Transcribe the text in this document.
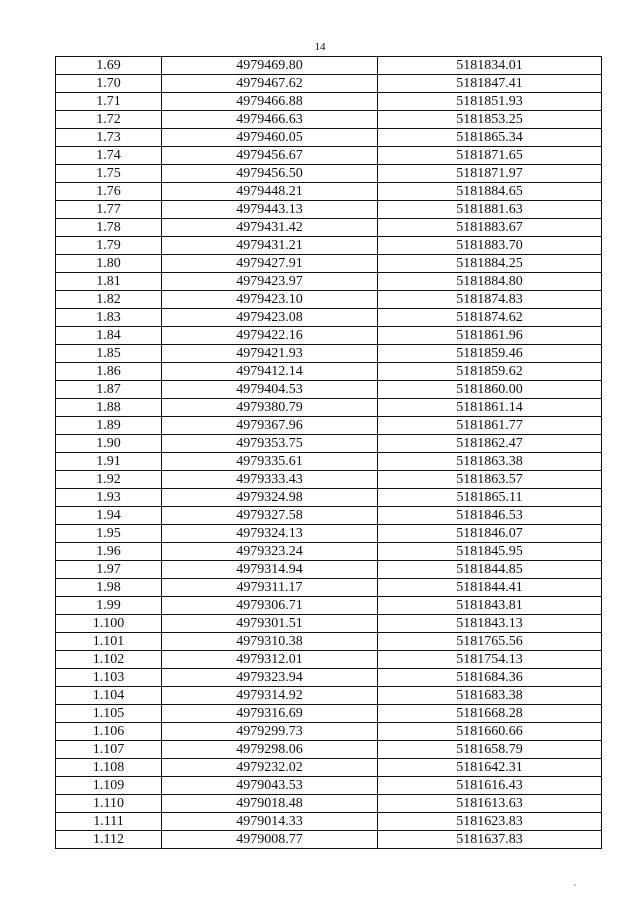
14
1.69	4979469.80	5181834.01
1.70	4979467.62	5181847.41
1.71	4979466.88	5181851.93
1.72	4979466.63	5181853.25
1.73	4979460.05	5181865.34
1.74	4979456.67	5181871.65
1.75	4979456.50	5181871.97
1.76	4979448.21	5181884.65
1.77	4979443.13	5181881.63
1.78	4979431.42	5181883.67
1.79	4979431.21	5181883.70
1.80	4979427.91	5181884.25
1.81	4979423.97	5181884.80
1.82	4979423.10	5181874.83
1.83	4979423.08	5181874.62
1.84	4979422.16	5181861.96
1.85	4979421.93	5181859.46
1.86	4979412.14	5181859.62
1.87	4979404.53	5181860.00
1.88	4979380.79	5181861.14
1.89	4979367.96	5181861.77
1.90	4979353.75	5181862.47
1.91	4979335.61	5181863.38
1.92	4979333.43	5181863.57
1.93	4979324.98	5181865.11
1.94	4979327.58	5181846.53
1.95	4979324.13	5181846.07
1.96	4979323.24	5181845.95
1.97	4979314.94	5181844.85
1.98	4979311.17	5181844.41
1.99	4979306.71	5181843.81
1.100	4979301.51	5181843.13
1.101	4979310.38	5181765.56
1.102	4979312.01	5181754.13
1.103	4979323.94	5181684.36
1.104	4979314.92	5181683.38
1.105	4979316.69	5181668.28
1.106	4979299.73	5181660.66
1.107	4979298.06	5181658.79
1.108	4979232.02	5181642.31
1.109	4979043.53	5181616.43
1.110	4979018.48	5181613.63
1.111	4979014.33	5181623.83
1.112	4979008.77	5181637.83
